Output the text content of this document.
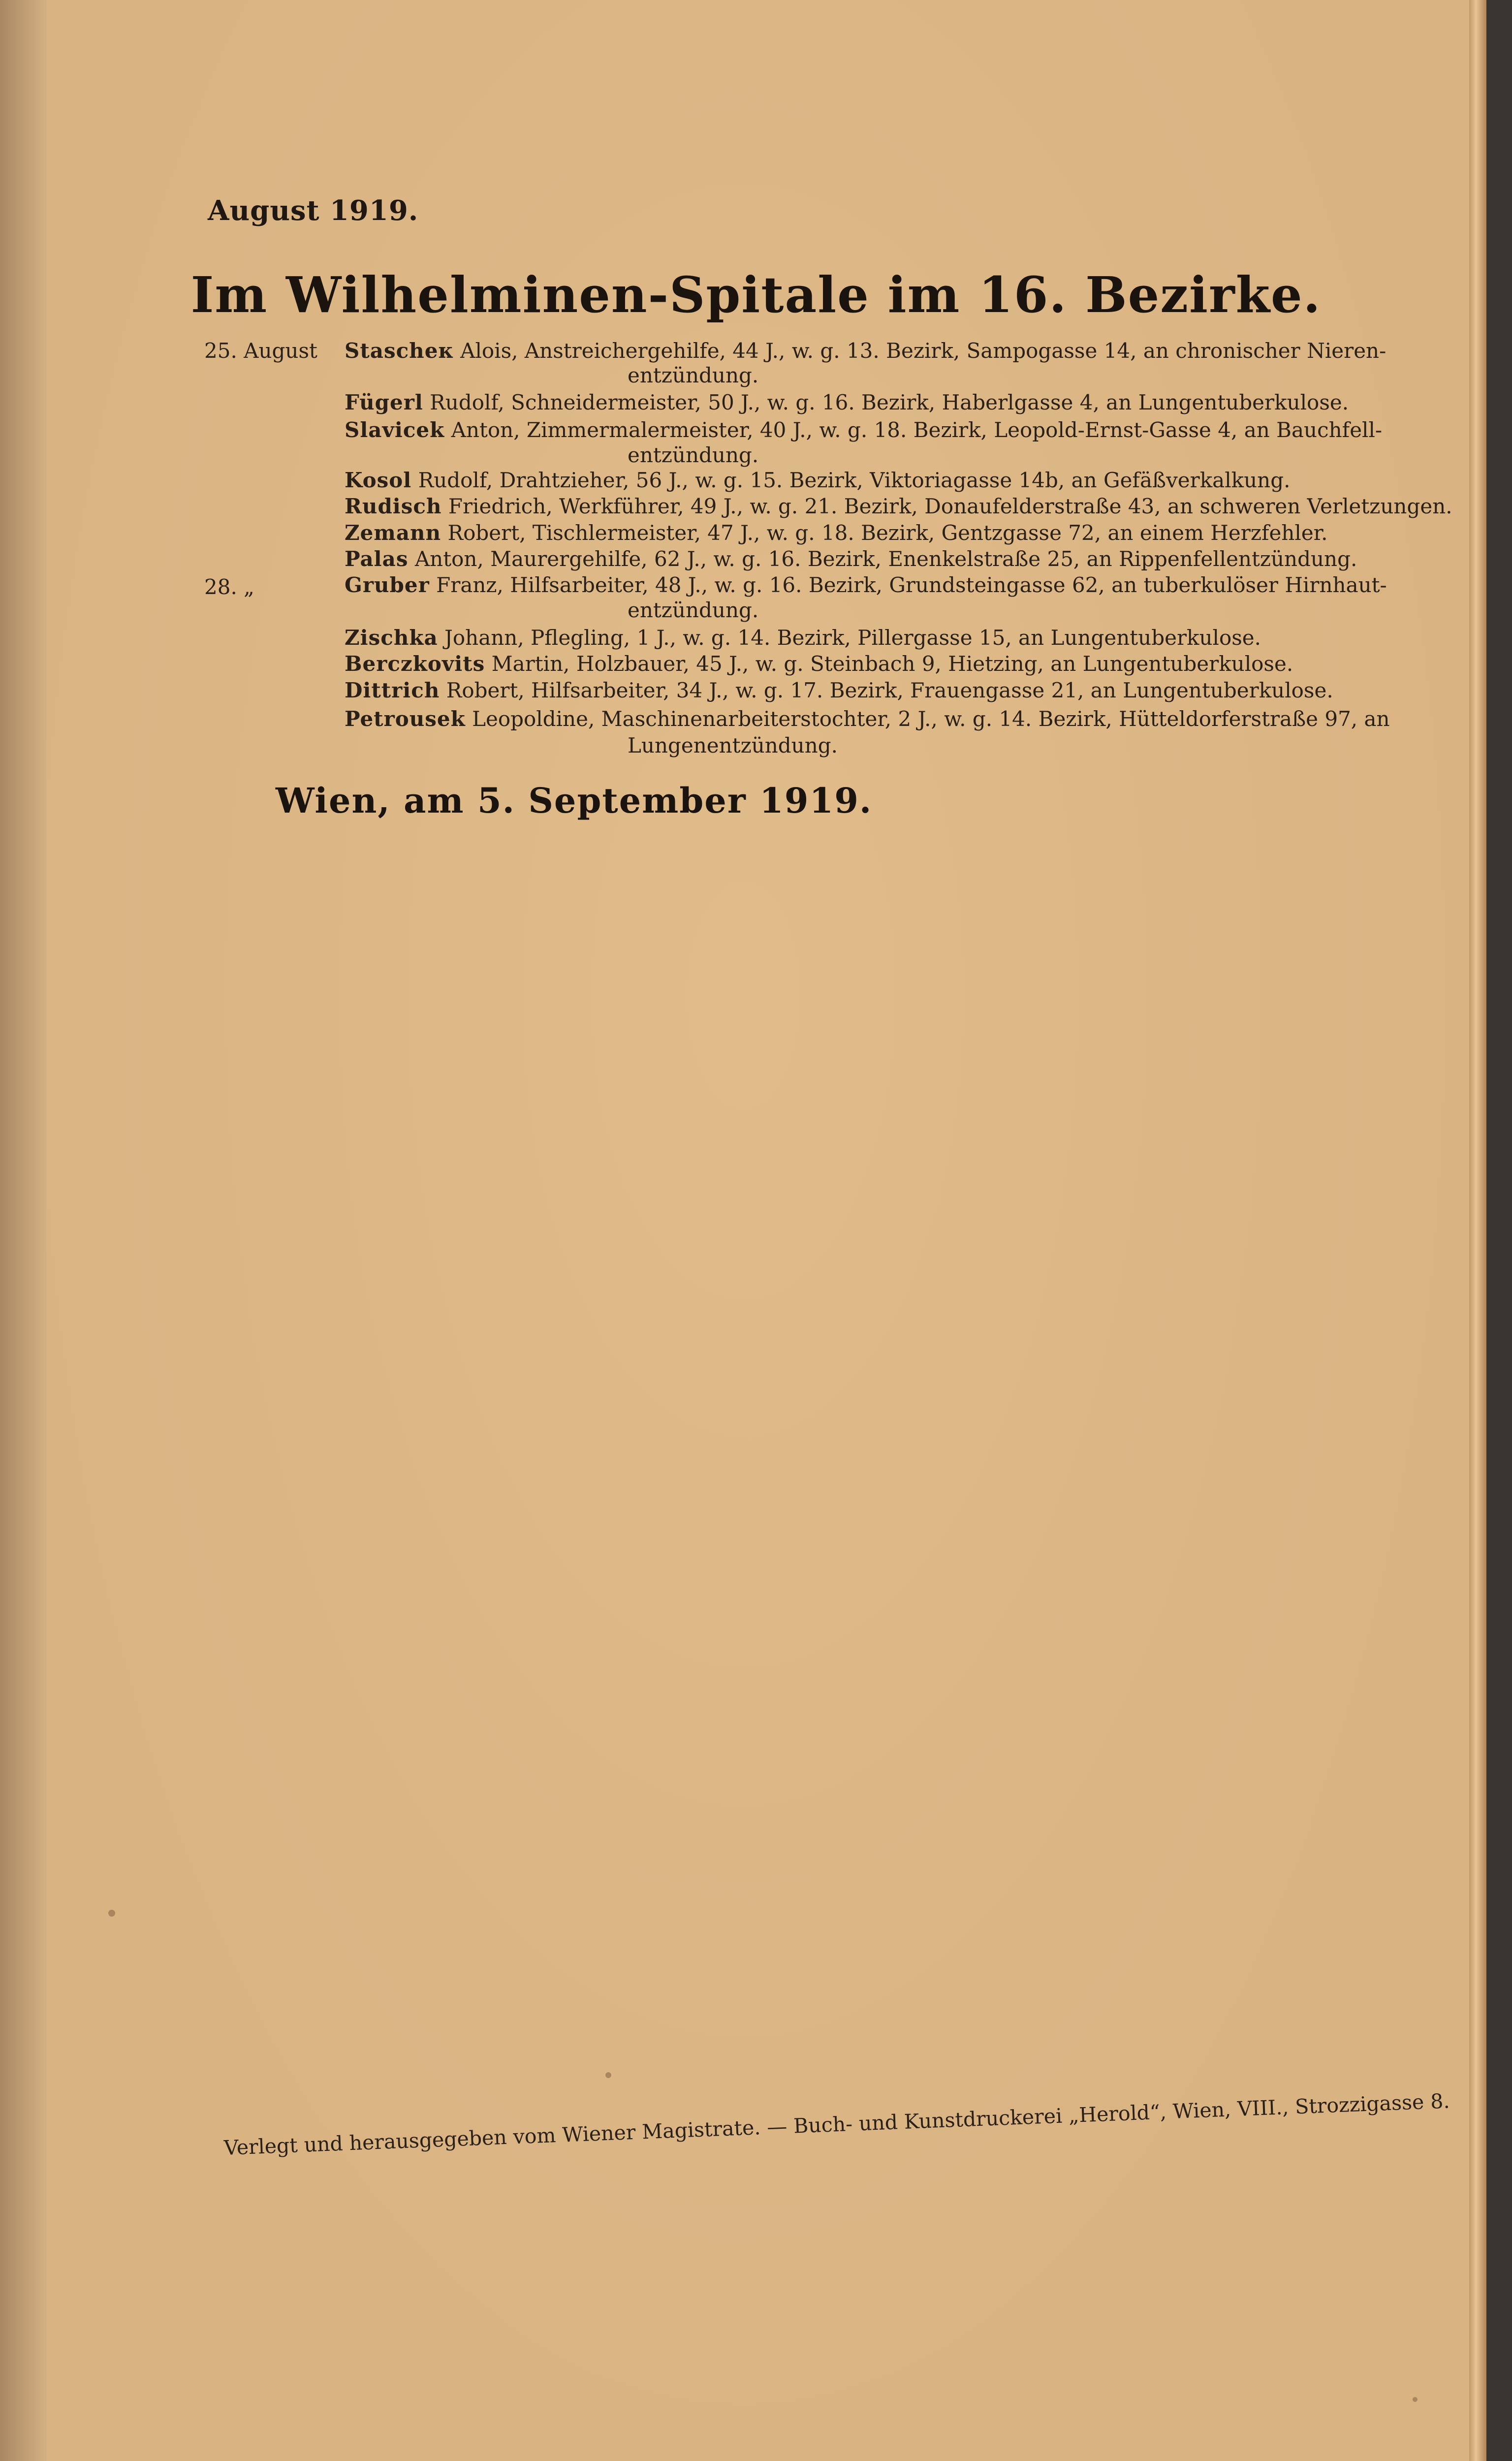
August 1919.
Im Wilhelminen-Spitale im 16. Bezirke.
25. August Stascheк Alois, Anstreichergehilfe, 44 J., w. g. 13. Bezirk, Sampogasse 14, an chronischer Nieren-
entzündung.
Fügerl Rudolf, Schneidermeister, 50 J., w. g. 16. Bezirk, Haberlgasse 4, an Lungentuberkulose.
Slavicek Anton, Zimmermalermeister, 40 J., w. g. 18. Bezirk, Leopold-Ernst-Gasse 4, an Bauchfell-
entzündung.
Kosol Rudolf, Drahtzieher, 56 J., w. g. 15. Bezirk, Viktoriagasse 14b, an Gefäßverkalkung.
Rudisch Friedrich, Werkführer, 49 J., w. g. 21. Bezirk, Donaufelderstraße 43, an schweren Verletzungen.
Zemann Robert, Tischlermeister, 47 J., w. g. 18. Bezirk, Gentzgasse 72, an einem Herzfehler.
Palas Anton, Maurergehilfe, 62 J., w. g. 16. Bezirk, Enenkelstraße 25, an Rippenfellentzündung.
28. „	Gruber Franz, Hilfsarbeiter, 48 J., w. g. 16. Bezirk, Grundsteingasse 62, an tuberkulöser Hirnhaut-
entzündung.
Zischka Johann, Pflegling, 1 J., w. g. 14. Bezirk, Pillergasse 15, an Lungentuberkulose.
Berczkovits Martin, Holzbauer, 45 J., w. g. Steinbach 9, Hietzing, an Lungentuberkulose.
Dittrich Robert, Hilfsarbeiter, 34 J., w. g. 17. Bezirk, Frauengasse 21, an Lungentuberkulose.
Petrousek Leopoldine, Maschinenarbeiterstochter, 2 J., w. g. 14. Bezirk, Hütteldorferstraße 97, an
Lungenentzündung.
Wien, am 5. September 1919.
Verlegt und herausgegeben vom Wiener Magistrate. — Buch- und Kunstdruckerei „Herold“, Wien, VIII., Strozzigasse 8.
